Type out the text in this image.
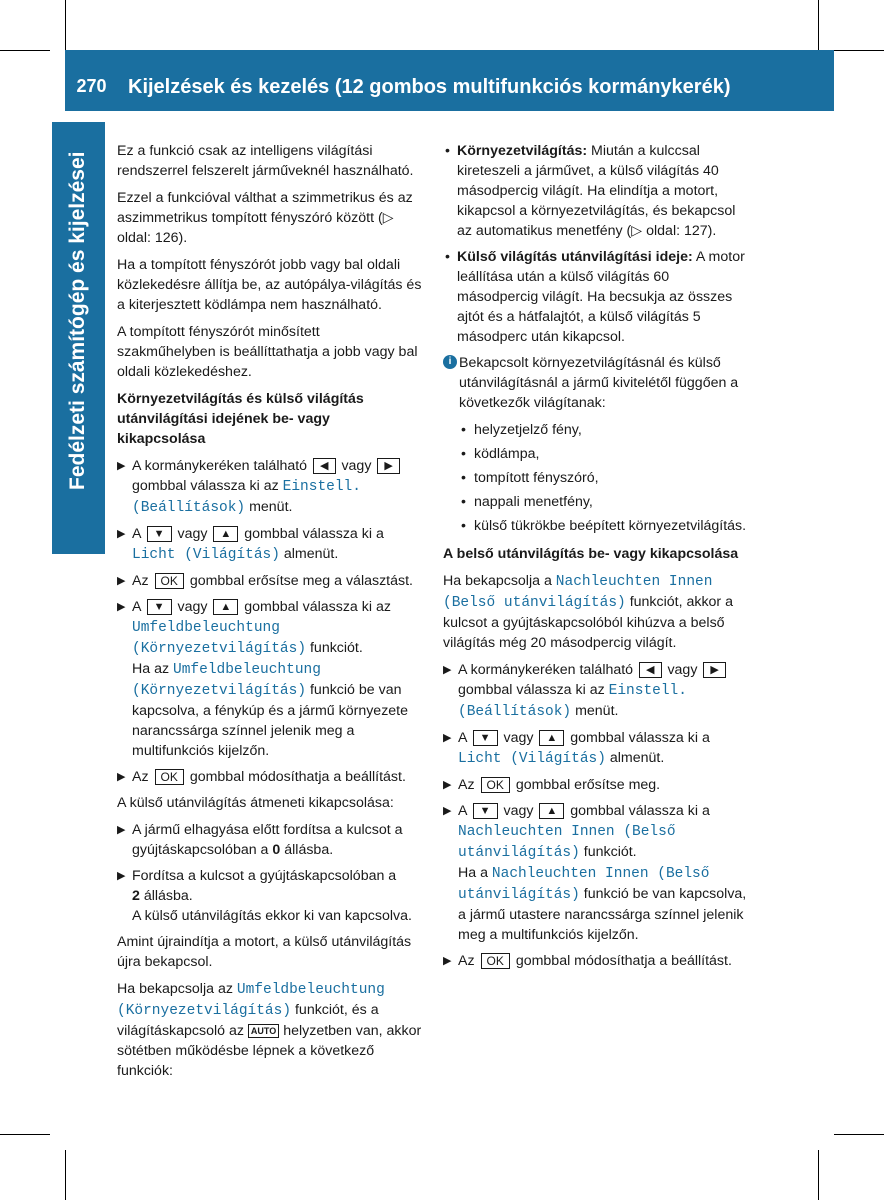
270	Kijelzések és kezelés (12 gombos multifunkciós kormánykerék)
Fedélzeti számítógép és kijelzései

Ez a funkció csak az intelligens világítási rendszerrel felszerelt járműveknél használható.

Ezzel a funkcióval válthat a szimmetrikus és az aszimmetrikus tompított fényszóró között (▷ oldal: 126).

Ha a tompított fényszórót jobb vagy bal oldali közlekedésre állítja be, az autópálya-világítás és a kiterjesztett ködlámpa nem használható.

A tompított fényszórót minősített szakműhelyben is beállíttathatja a jobb vagy bal oldali közlekedéshez.

Környezetvilágítás és külső világítás utánvilágítási idejének be- vagy kikapcsolása

▶ A kormánykeréken található ◀ vagy ▶ gombbal válassza ki az Einstell. (Beállítások) menüt.
▶ A ▼ vagy ▲ gombbal válassza ki a Licht (Világítás) almenüt.
▶ Az OK gombbal erősítse meg a választást.
▶ A ▼ vagy ▲ gombbal válassza ki az Umfeldbeleuchtung (Környezetvilágítás) funkciót.
Ha az Umfeldbeleuchtung (Környezetvilágítás) funkció be van kapcsolva, a fénykúp és a jármű környezete narancssárga színnel jelenik meg a multifunkciós kijelzőn.
▶ Az OK gombbal módosíthatja a beállítást.

A külső utánvilágítás átmeneti kikapcsolása:

▶ A jármű elhagyása előtt fordítsa a kulcsot a gyújtáskapcsolóban a 0 állásba.
▶ Fordítsa a kulcsot a gyújtáskapcsolóban a
2 állásba.
A külső utánvilágítás ekkor ki van kapcsolva.

Amint újraindítja a motort, a külső utánvilágítás újra bekapcsol.

Ha bekapcsolja az Umfeldbeleuchtung (Környezetvilágítás) funkciót, és a világításkapcsoló az AUTO helyzetben van, akkor sötétben működésbe lépnek a következő funkciók:

• Környezetvilágítás: Miután a kulccsal kireteszeli a járművet, a külső világítás 40 másodpercig világít. Ha elindítja a motort, kikapcsol a környezetvilágítás, és bekapcsol az automatikus menetfény (▷ oldal: 127).
• Külső világítás utánvilágítási ideje: A motor leállítása után a külső világítás 60 másodpercig világít. Ha becsukja az összes ajtót és a hátfalajtót, a külső világítás 5 másodperc után kikapcsol.
i Bekapcsolt környezetvilágításnál és külső utánvilágításnál a jármű kivitelétől függően a következők világítanak:
• helyzetjelző fény,
• ködlámpa,
• tompított fényszóró,
• nappali menetfény,
• külső tükrökbe beépített környezetvilágítás.

A belső utánvilágítás be- vagy kikapcsolása

Ha bekapcsolja a Nachleuchten Innen (Belső utánvilágítás) funkciót, akkor a kulcsot a gyújtáskapcsolóból kihúzva a belső világítás még 20 másodpercig világít.

▶ A kormánykeréken található ◀ vagy ▶ gombbal válassza ki az Einstell. (Beállítások) menüt.
▶ A ▼ vagy ▲ gombbal válassza ki a Licht (Világítás) almenüt.
▶ Az OK gombbal erősítse meg.
▶ A ▼ vagy ▲ gombbal válassza ki a Nachleuchten Innen (Belső utánvilágítás) funkciót.
Ha a Nachleuchten Innen (Belső utánvilágítás) funkció be van kapcsolva, a jármű utastere narancssárga színnel jelenik meg a multifunkciós kijelzőn.
▶ Az OK gombbal módosíthatja a beállítást.
